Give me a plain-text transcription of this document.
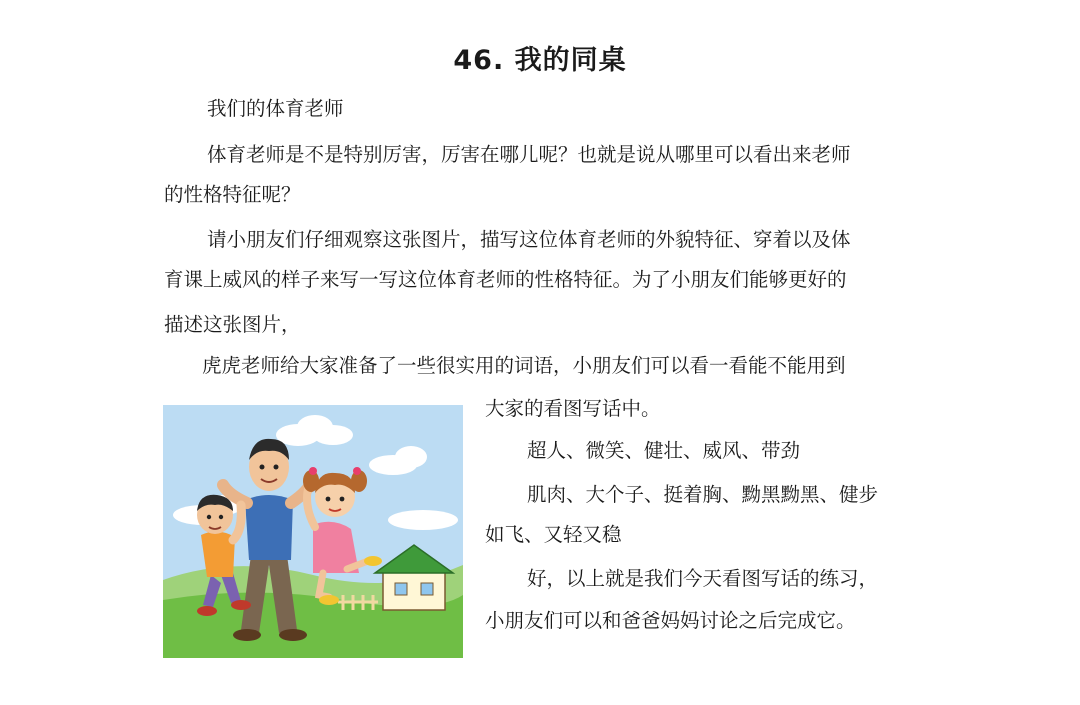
46. 我的同桌
我们的体育老师
体育老师是不是特别厉害，厉害在哪儿呢？也就是说从哪里可以看出来老师
的性格特征呢？
请小朋友们仔细观察这张图片，描写这位体育老师的外貌特征、穿着以及体
育课上威风的样子来写一写这位体育老师的性格特征。为了小朋友们能够更好的
描述这张图片，
虎虎老师给大家准备了一些很实用的词语，小朋友们可以看一看能不能用到
大家的看图写话中。
超人、微笑、健壮、威风、带劲
肌肉、大个子、挺着胸、黝黑黝黑、健步
如飞、又轻又稳
好，以上就是我们今天看图写话的练习，
小朋友们可以和爸爸妈妈讨论之后完成它。
